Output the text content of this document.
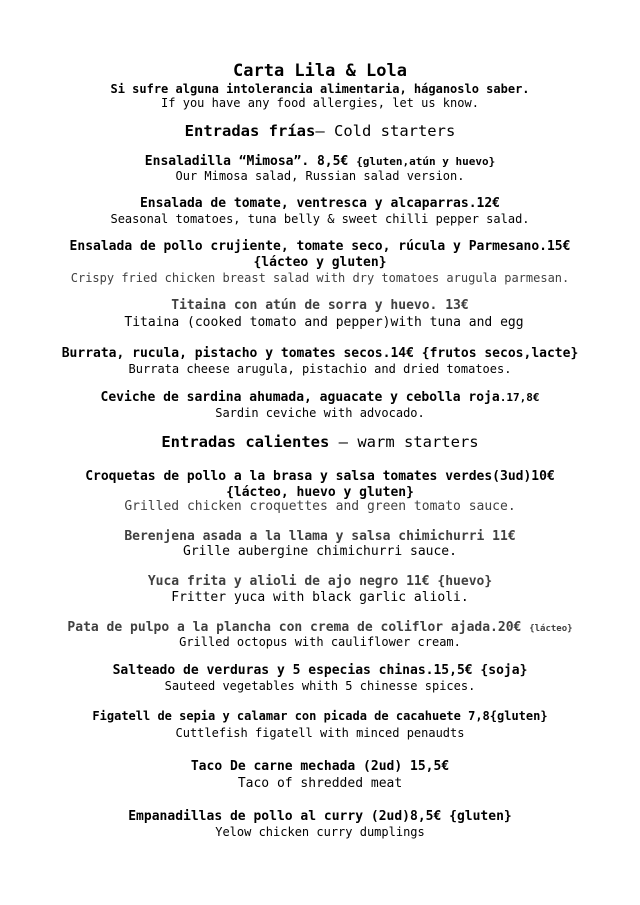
Carta Lila & Lola
Si sufre alguna intolerancia alimentaria, háganoslo saber.
If you have any food allergies, let us know.
Entradas frías– Cold starters
Ensaladilla “Mimosa”. 8,5€ {gluten,atún y huevo}
Our Mimosa salad, Russian salad version.
Ensalada de tomate, ventresca y alcaparras.12€
Seasonal tomatoes, tuna belly & sweet chilli pepper salad.
Ensalada de pollo crujiente, tomate seco, rúcula y Parmesano.15€
{lácteo y gluten}
Crispy fried chicken breast salad with dry tomatoes arugula parmesan.
Titaina con atún de sorra y huevo. 13€
Titaina (cooked tomato and pepper)with tuna and egg
Burrata, rucula, pistacho y tomates secos.14€ {frutos secos,lacte}
Burrata cheese arugula, pistachio and dried tomatoes.
Ceviche de sardina ahumada, aguacate y cebolla roja.17,8€
Sardin ceviche with advocado.
Entradas calientes – warm starters
Croquetas de pollo a la brasa y salsa tomates verdes(3ud)10€
{lácteo, huevo y gluten}
Grilled chicken croquettes and green tomato sauce.
Berenjena asada a la llama y salsa chimichurri 11€
Grille aubergine chimichurri sauce.
Yuca frita y alioli de ajo negro 11€ {huevo}
Fritter yuca with black garlic alioli.
Pata de pulpo a la plancha con crema de coliflor ajada.20€ {lácteo}
Grilled octopus with cauliflower cream.
Salteado de verduras y 5 especias chinas.15,5€ {soja}
Sauteed vegetables whith 5 chinesse spices.
Figatell de sepia y calamar con picada de cacahuete 7,8{gluten}
Cuttlefish figatell with minced penaudts
Taco De carne mechada (2ud) 15,5€
Taco of shredded meat
Empanadillas de pollo al curry (2ud)8,5€ {gluten}
Yelow chicken curry dumplings
